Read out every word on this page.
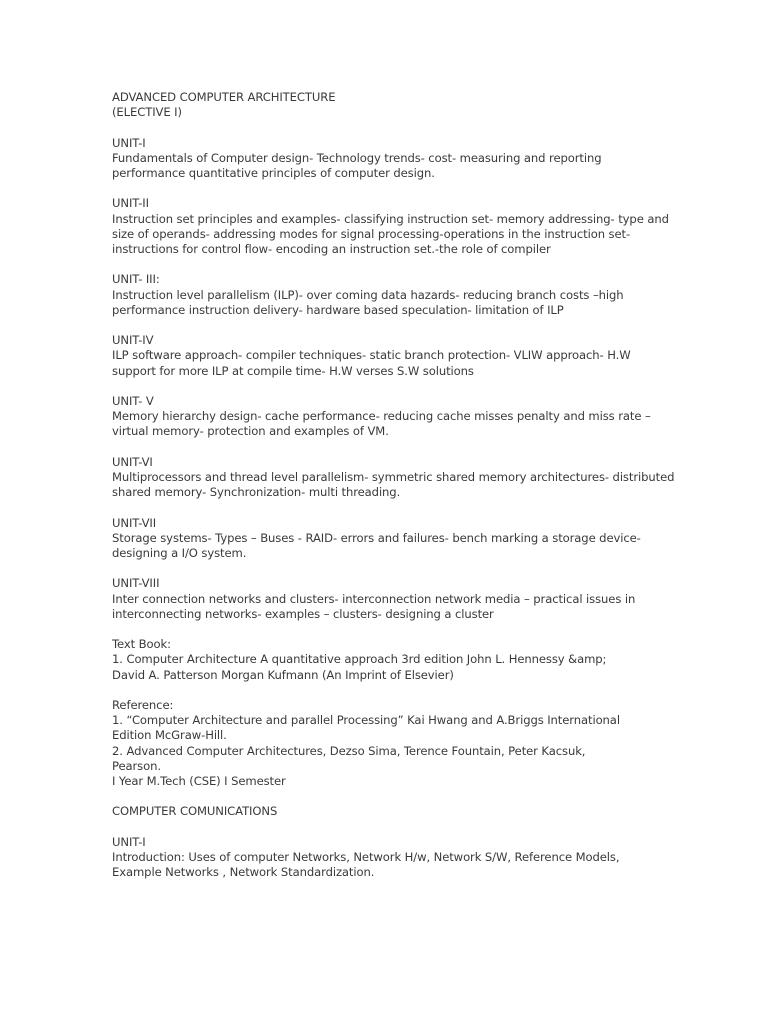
ADVANCED COMPUTER ARCHITECTURE
(ELECTIVE I)
UNIT-I
Fundamentals of Computer design- Technology trends- cost- measuring and reporting
performance quantitative principles of computer design.
UNIT-II
Instruction set principles and examples- classifying instruction set- memory addressing- type and
size of operands- addressing modes for signal processing-operations in the instruction set-
instructions for control flow- encoding an instruction set.-the role of compiler
UNIT- III:
Instruction level parallelism (ILP)- over coming data hazards- reducing branch costs –high
performance instruction delivery- hardware based speculation- limitation of ILP
UNIT-IV
ILP software approach- compiler techniques- static branch protection- VLIW approach- H.W
support for more ILP at compile time- H.W verses S.W solutions
UNIT- V
Memory hierarchy design- cache performance- reducing cache misses penalty and miss rate –
virtual memory- protection and examples of VM.
UNIT-VI
Multiprocessors and thread level parallelism- symmetric shared memory architectures- distributed
shared memory- Synchronization- multi threading.
UNIT-VII
Storage systems- Types – Buses - RAID- errors and failures- bench marking a storage device-
designing a I/O system.
UNIT-VIII
Inter connection networks and clusters- interconnection network media – practical issues in
interconnecting networks- examples – clusters- designing a cluster
Text Book:
1. Computer Architecture A quantitative approach 3rd edition John L. Hennessy &amp;
David A. Patterson Morgan Kufmann (An Imprint of Elsevier)
Reference:
1. “Computer Architecture and parallel Processing” Kai Hwang and A.Briggs International
Edition McGraw-Hill.
2. Advanced Computer Architectures, Dezso Sima, Terence Fountain, Peter Kacsuk,
Pearson.
I Year M.Tech (CSE) I Semester
COMPUTER COMUNICATIONS
UNIT-I
Introduction: Uses of computer Networks, Network H/w, Network S/W, Reference Models,
Example Networks , Network Standardization.
